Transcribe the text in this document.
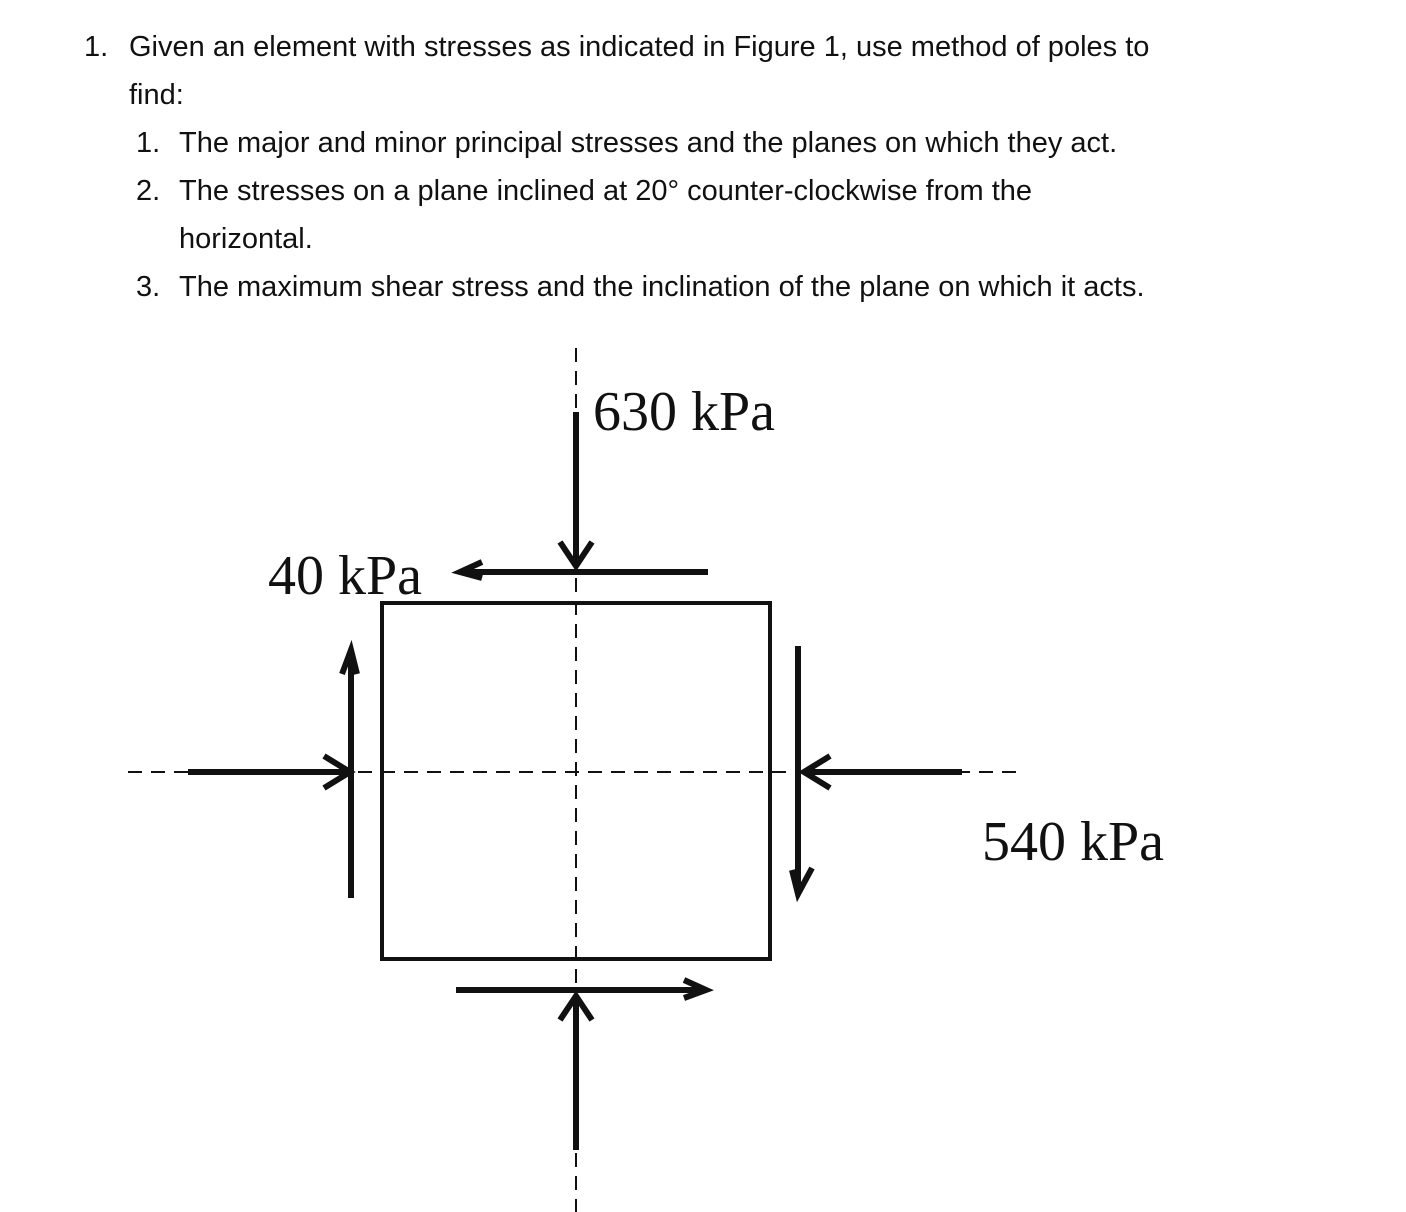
1. Given an element with stresses as indicated in Figure 1, use method of poles to
find:
1. The major and minor principal stresses and the planes on which they act.
2. The stresses on a plane inclined at 20° counter-clockwise from the
horizontal.
3. The maximum shear stress and the inclination of the plane on which it acts.
630 kPa
40 kPa
540 kPa
